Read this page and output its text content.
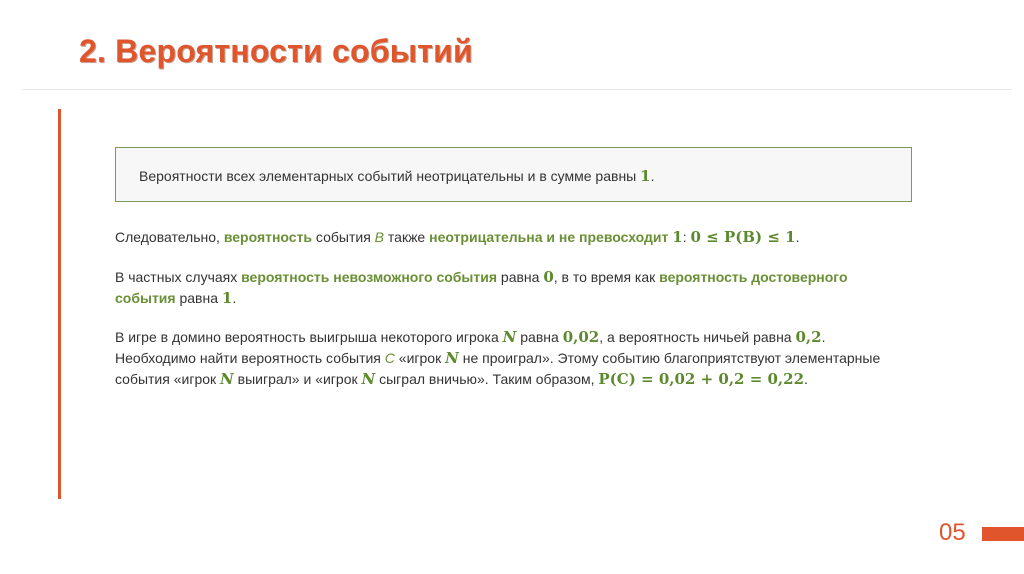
2. Вероятности событий
Вероятности всех элементарных событий неотрицательны и в сумме равны 1.
Следовательно, вероятность события B также неотрицательна и не превосходит 1: 0 ≤ P(B) ≤ 1.
В частных случаях вероятность невозможного события равна 0, в то время как вероятность достоверного события равна 1.
В игре в домино вероятность выигрыша некоторого игрока N равна 0,02, а вероятность ничьей равна 0,2. Необходимо найти вероятность события C «игрок N не проиграл». Этому событию благоприятствуют элементарные события «игрок N выиграл» и «игрок N сыграл вничью». Таким образом, P(C) = 0,02 + 0,2 = 0,22.
05
